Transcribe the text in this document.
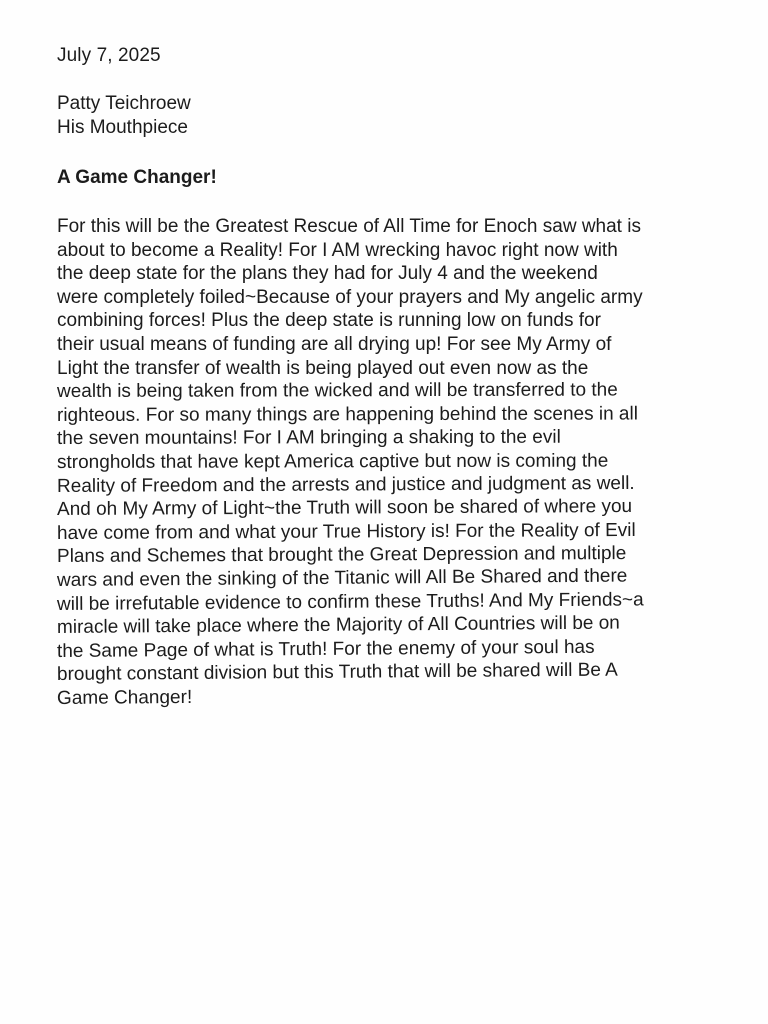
July 7, 2025
Patty Teichroew
His Mouthpiece
A Game Changer!
For this will be the Greatest Rescue of All Time for Enoch saw what is
about to become a Reality! For I AM wrecking havoc right now with
the deep state for the plans they had for July 4 and the weekend
were completely foiled~Because of your prayers and My angelic army
combining forces! Plus the deep state is running low on funds for
their usual means of funding are all drying up! For see My Army of
Light the transfer of wealth is being played out even now as the
wealth is being taken from the wicked and will be transferred to the
righteous. For so many things are happening behind the scenes in all
the seven mountains! For I AM bringing a shaking to the evil
strongholds that have kept America captive but now is coming the
Reality of Freedom and the arrests and justice and judgment as well.
And oh My Army of Light~the Truth will soon be shared of where you
have come from and what your True History is! For the Reality of Evil
Plans and Schemes that brought the Great Depression and multiple
wars and even the sinking of the Titanic will All Be Shared and there
will be irrefutable evidence to confirm these Truths! And My Friends~a
miracle will take place where the Majority of All Countries will be on
the Same Page of what is Truth! For the enemy of your soul has
brought constant division but this Truth that will be shared will Be A
Game Changer!
